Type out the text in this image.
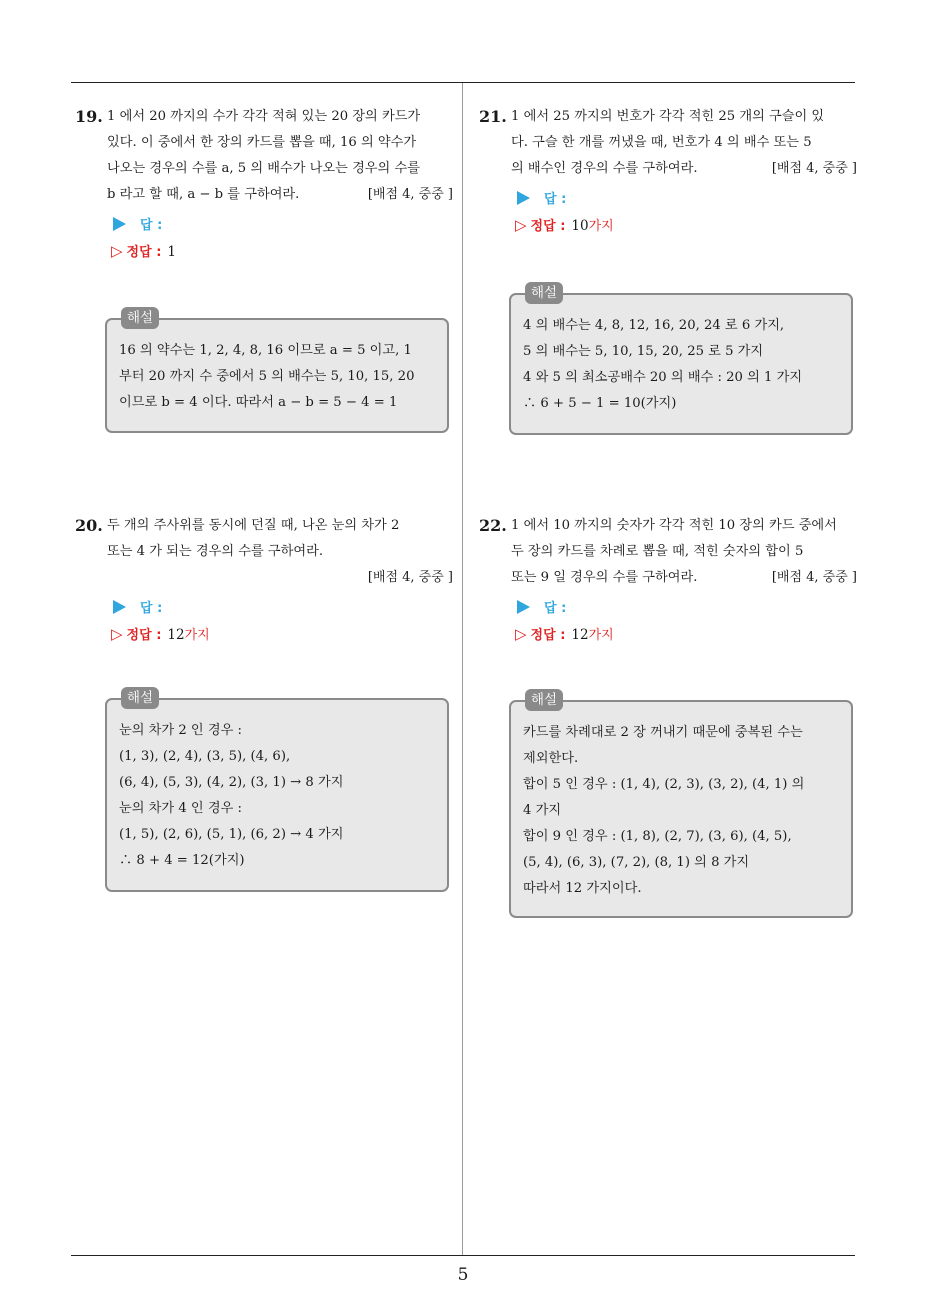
19. 1 에서 20 까지의 수가 각각 적혀 있는 20 장의 카드가
있다. 이 중에서 한 장의 카드를 뽑을 때, 16 의 약수가
나오는 경우의 수를 a, 5 의 배수가 나오는 경우의 수를
[배점 4, 중중 ]
b 라고 할 때, a − b 를 구하여라.
답 :
▷ 정답 : 1
해설
16 의 약수는 1, 2, 4, 8, 16 이므로 a = 5 이고, 1
부터 20 까지 수 중에서 5 의 배수는 5, 10, 15, 20
이므로 b = 4 이다. 따라서 a − b = 5 − 4 = 1
21. 1 에서 25 까지의 번호가 각각 적힌 25 개의 구슬이 있
다. 구슬 한 개를 꺼냈을 때, 번호가 4 의 배수 또는 5
[배점 4, 중중 ]
의 배수인 경우의 수를 구하여라.
답 :
▷ 정답 : 10가지
해설
4 의 배수는 4, 8, 12, 16, 20, 24 로 6 가지,
5 의 배수는 5, 10, 15, 20, 25 로 5 가지
4 와 5 의 최소공배수 20 의 배수 : 20 의 1 가지
∴ 6 + 5 − 1 = 10(가지)
20. 두 개의 주사위를 동시에 던질 때, 나온 눈의 차가 2
또는 4 가 되는 경우의 수를 구하여라.
[배점 4, 중중 ]
답 :
▷ 정답 : 12가지
해설
눈의 차가 2 인 경우 :
(1, 3), (2, 4), (3, 5), (4, 6),
(6, 4), (5, 3), (4, 2), (3, 1) → 8 가지
눈의 차가 4 인 경우 :
(1, 5), (2, 6), (5, 1), (6, 2) → 4 가지
∴ 8 + 4 = 12(가지)
22. 1 에서 10 까지의 숫자가 각각 적힌 10 장의 카드 중에서
두 장의 카드를 차례로 뽑을 때, 적힌 숫자의 합이 5
[배점 4, 중중 ]
또는 9 일 경우의 수를 구하여라.
답 :
▷ 정답 : 12가지
해설
카드를 차례대로 2 장 꺼내기 때문에 중복된 수는
제외한다.
합이 5 인 경우 : (1, 4), (2, 3), (3, 2), (4, 1) 의
4 가지
합이 9 인 경우 : (1, 8), (2, 7), (3, 6), (4, 5),
(5, 4), (6, 3), (7, 2), (8, 1) 의 8 가지
따라서 12 가지이다.
5
